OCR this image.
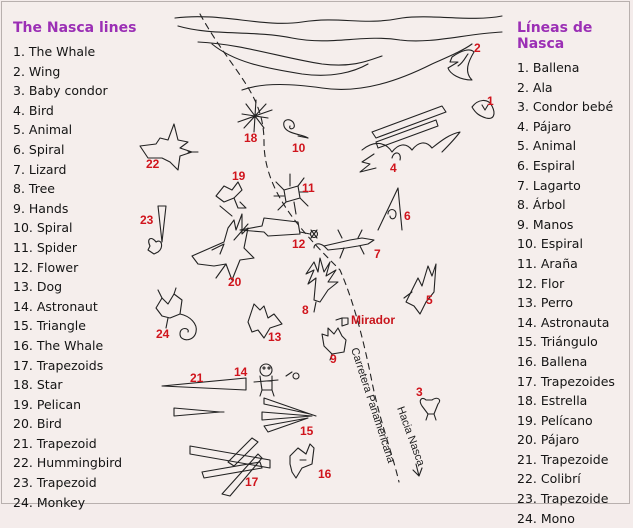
The Nasca lines
1. The Whale
2. Wing
3. Baby condor
4. Bird
5. Animal
6. Spiral
7. Lizard
8. Tree
9. Hands
10. Spiral
11. Spider
12. Flower
13. Dog
14. Astronaut
15. Triangle
16. The Whale
17. Trapezoids
18. Star
19. Pelican
20. Bird
21. Trapezoid
22. Hummingbird
23. Trapezoid
24. Monkey
Líneas de Nasca
1. Ballena
2. Ala
3. Condor bebé
4. Pájaro
5. Animal
6. Espiral
7. Lagarto
8. Árbol
9. Manos
10. Espiral
11. Araña
12. Flor
13. Perro
14. Astronauta
15. Triángulo
16. Ballena
17. Trapezoides
18. Estrella
19. Pelícano
20. Pájaro
21. Trapezoide
22. Colibrí
23. Trapezoide
24. Mono
Carretera Panamericana
Hacia Nasca
Mirador
1
2
3
4
5
6
7
8
9
10
11
12
13
14
15
16
17
18
19
20
21
22
23
24
